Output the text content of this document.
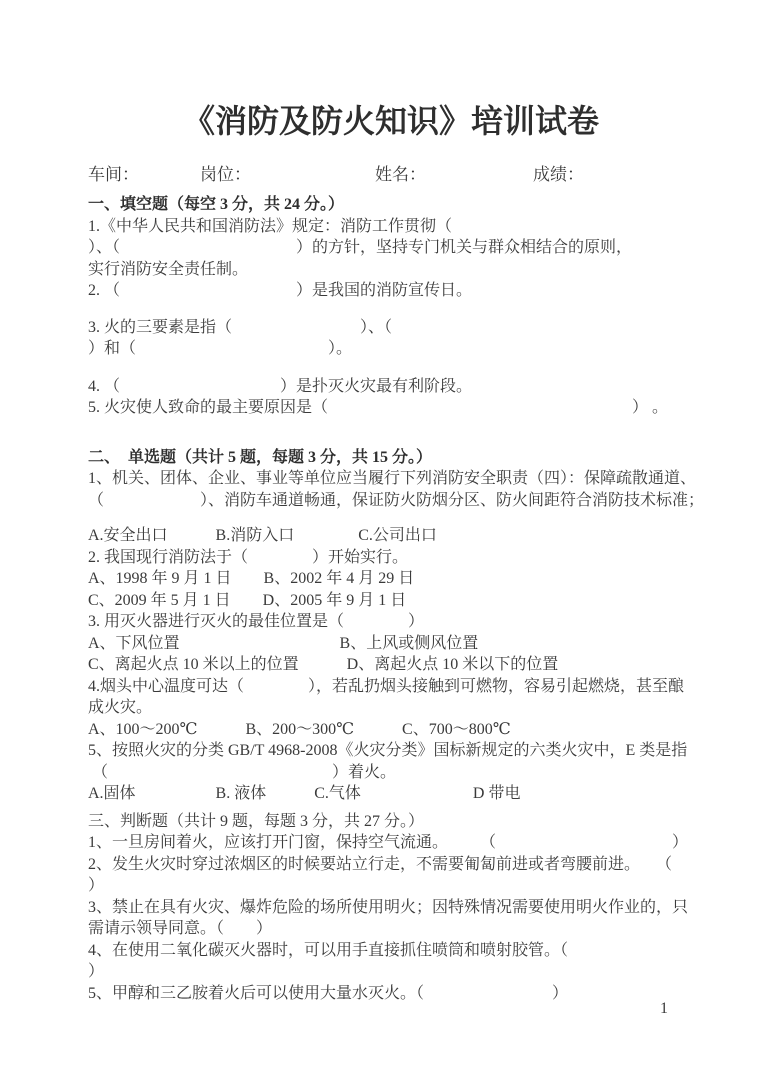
《消防及防火知识》培训试卷
车间：	岗位：	姓名：	成绩：
一、填空题（每空 3 分，共 24 分。）
1.《中华人民共和国消防法》规定：消防工作贯彻（
）、（　　　　　　　　　　　）的方针，坚持专门机关与群众相结合的原则，
实行消防安全责任制。
2. （　　　　　　　　　　　）是我国的消防宣传日。
3. 火的三要素是指（　　　　　　　　）、（
）和（　　　　　　　　　　　　）。
4. （　　　　　　　　　　）是扑灭火灾最有利阶段。
5. 火灾使人致命的最主要原因是（　　　　　　　　　　　　　　　　　　　） 。
二、　单选题（共计 5 题，每题 3 分，共 15 分。）
1、机关、团体、企业、事业等单位应当履行下列消防安全职责（四）：保障疏散通道、
（　　　　　　）、消防车通道畅通，保证防火防烟分区、防火间距符合消防技术标准；
A.安全出口　　　B.消防入口　　　　C.公司出口
2. 我国现行消防法于（　　　　）开始实行。
A、1998 年 9 月 1 日　　B、2002 年 4 月 29 日
C、2009 年 5 月 1 日　　D、2005 年 9 月 1 日
3. 用灭火器进行灭火的最佳位置是（　　　　）
A、下风位置　　　　　　　　　　B、上风或侧风位置
C、离起火点 10 米以上的位置　　　D、离起火点 10 米以下的位置
4.烟头中心温度可达（　　　　），若乱扔烟头接触到可燃物，容易引起燃烧，甚至酿
成火灾。
A、100～200℃　　　B、200～300℃　　　C、700～800℃
5、按照火灾的分类 GB/T 4968-2008《火灾分类》国标新规定的六类火灾中，E 类是指
（　　　　　　　　　　　　　　）着火。
A.固体　　　　　B. 液体　　　C.气体　　　　　　　D 带电
三、判断题（共计 9 题，每题 3 分，共 27 分。）
1、一旦房间着火，应该打开门窗，保持空气流通。　　　（　　　　　　　　　　　）
2、发生火灾时穿过浓烟区的时候要站立行走，不需要匍匐前进或者弯腰前进。　　（
）
3、禁止在具有火灾、爆炸危险的场所使用明火；因特殊情况需要使用明火作业的，只
需请示领导同意。（　　）
4、在使用二氧化碳灭火器时，可以用手直接抓住喷筒和喷射胶管。（
）
5、甲醇和三乙胺着火后可以使用大量水灭火。（　　　　　　　　）
1
